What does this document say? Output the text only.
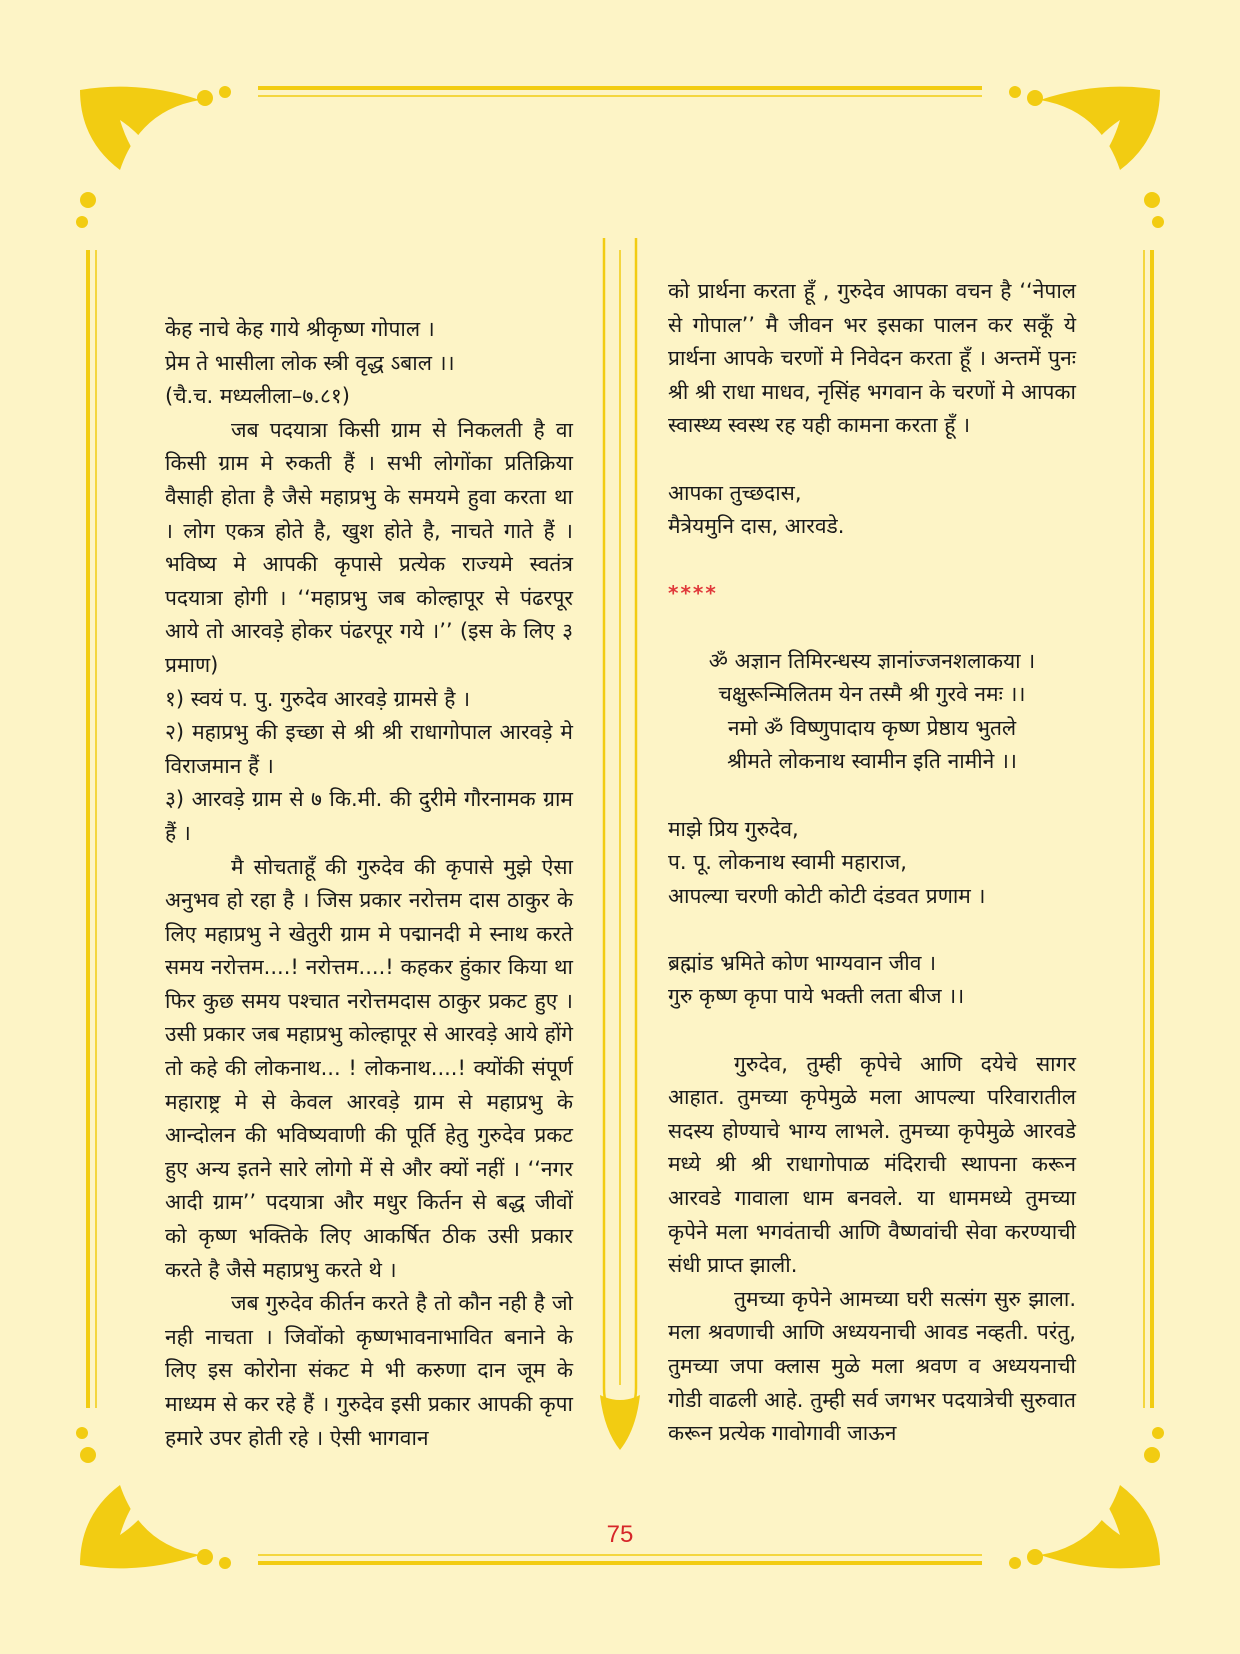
केह नाचे केह गाये श्रीकृष्ण गोपाल ।

प्रेम ते भासीला लोक स्त्री वृद्ध ऽबाल ।।

(चै.च. मध्यलीला–७.८१)

जब पदयात्रा किसी ग्राम से निकलती है वा किसी ग्राम मे रुकती हैं । सभी लोगोंका प्रतिक्रिया वैसाही होता है जैसे महाप्रभु के समयमे हुवा करता था । लोग एकत्र होते है, खुश होते है, नाचते गाते हैं । भविष्य मे आपकी कृपासे प्रत्येक राज्यमे स्वतंत्र पदयात्रा होगी । ‘‘महाप्रभु जब कोल्हापूर से पंढरपूर आये तो आरवड़े होकर पंढरपूर गये ।’’ (इस के लिए ३ प्रमाण)

१) स्वयं प. पु. गुरुदेव आरवड़े ग्रामसे है ।

२) महाप्रभु की इच्छा से श्री श्री राधागोपाल आरवड़े मे विराजमान हैं ।

३) आरवड़े ग्राम से ७ कि.मी. की दुरीमे गौरनामक ग्राम हैं ।

मै सोचताहूँ की गुरुदेव की कृपासे मुझे ऐसा अनुभव हो रहा है । जिस प्रकार नरोत्तम दास ठाकुर के लिए महाप्रभु ने खेतुरी ग्राम मे पद्मानदी मे स्नाथ करते समय नरोत्तम....! नरोत्तम....! कहकर हुंकार किया था फिर कुछ समय पश्चात नरोत्तमदास ठाकुर प्रकट हुए । उसी प्रकार जब महाप्रभु कोल्हापूर से आरवड़े आये होंगे तो कहे की लोकनाथ... ! लोकनाथ....! क्योंकी संपूर्ण महाराष्ट्र मे से केवल आरवड़े ग्राम से महाप्रभु के आन्दोलन की भविष्यवाणी की पूर्ति हेतु गुरुदेव प्रकट हुए अन्य इतने सारे लोगो में से और क्यों नहीं । ‘‘नगर आदी ग्राम’’ पदयात्रा और मधुर किर्तन से बद्ध जीवों को कृष्ण भक्तिके लिए आकर्षित ठीक उसी प्रकार करते है जैसे महाप्रभु करते थे ।

जब गुरुदेव कीर्तन करते है तो कौन नही है जो नही नाचता । जिवोंको कृष्णभावनाभावित बनाने के लिए इस कोरोना संकट मे भी करुणा दान जूम के माध्यम से कर रहे हैं । गुरुदेव इसी प्रकार आपकी कृपा हमारे उपर होती रहे । ऐसी भागवान

को प्रार्थना करता हूँ , गुरुदेव आपका वचन है ‘‘नेपाल से गोपाल’’ मै जीवन भर इसका पालन कर सकूँ ये प्रार्थना आपके चरणों मे निवेदन करता हूँ । अन्तमें पुनः श्री श्री राधा माधव, नृसिंह भगवान के चरणों मे आपका स्वास्थ्य स्वस्थ रह यही कामना करता हूँ ।

आपका तुच्छदास,

मैत्रेयमुनि दास, आरवडे.

****

ॐ अज्ञान तिमिरन्धस्य ज्ञानांज्जनशलाकया ।

चक्षुरून्मिलितम येन तस्मै श्री गुरवे नमः ।।

नमो ॐ विष्णुपादाय कृष्ण प्रेष्ठाय भुतले

श्रीमते लोकनाथ स्वामीन इति नामीने ।।

माझे प्रिय गुरुदेव,

प. पू. लोकनाथ स्वामी महाराज,

आपल्या चरणी कोटी कोटी दंडवत प्रणाम ।

ब्रह्मांड भ्रमिते कोण भाग्यवान जीव ।

गुरु कृष्ण कृपा पाये भक्ती लता बीज ।।

गुरुदेव, तुम्ही कृपेचे आणि दयेचे सागर आहात. तुमच्या कृपेमुळे मला आपल्या परिवारातील सदस्य होण्याचे भाग्य लाभले. तुमच्या कृपेमुळे आरवडे मध्ये श्री श्री राधागोपाळ मंदिराची स्थापना करून आरवडे गावाला धाम बनवले. या धाममध्ये तुमच्या कृपेने मला भगवंताची आणि वैष्णवांची सेवा करण्याची संधी प्राप्त झाली.

तुमच्या कृपेने आमच्या घरी सत्संग सुरु झाला. मला श्रवणाची आणि अध्ययनाची आवड नव्हती. परंतु, तुमच्या जपा क्लास मुळे मला श्रवण व अध्ययनाची गोडी वाढली आहे. तुम्ही सर्व जगभर पदयात्रेची सुरुवात करून प्रत्येक गावोगावी जाऊन

75
